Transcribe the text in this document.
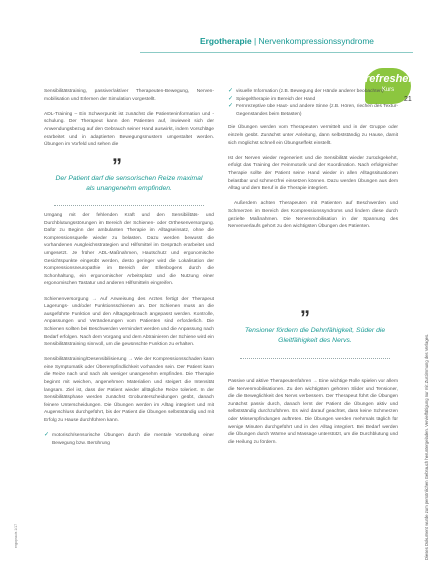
Ergotherapie | Nervenkompressionssyndrome
refresher
Kurs
21

Sensibilitätstraining, passiver/aktiver Therapeuten-Bewegung, Nerven-mobilisation und Erlernen der Simulation vorgestellt.

ADL-Training – Ein Schwerpunkt ist zunächst die Patienteninformation und -schulung. Der Therapeut kann den Patienten auf, inwieweit sich der Anwendungsbezug auf den Gebrauch seiner Hand auswirkt, indem Vorschläge erarbeitet und in adaptierten Bewegungsmustern umgestaltet werden. Übungen im Vorfeld und sehen die

„
Der Patient darf die sensorischen Reize maximal als unangenehm empfinden.

Umgang mit der fehlenden Kraft und den Sensibilitäts- und Durchblutungsstörungen im Bereich der Schienen- oder Orthesenversorgung. Dafür zu Beginn der ambulanten Therapie im Alltagseinsatz, ohne die Kompressionsquelle wieder zu belasten. Dazu werden bewusst die vorhandenen Ausgleichsstrategien und Hilfsmittel im Gespräch erarbeitet und umgesetzt. Je früher ADL-Maßnahmen, Hautschutz und ergonomische Gesichtspunkte eingeübt werden, desto geringer wird die Lokalisation der Kompressionsneuropathie im Bereich der Ellenbogens durch die Schonhaltung, ein ergonomischer Arbeitsplatz und die Nutzung einer ergonomischen Tastatur und anderen Hilfsmitteln eingreifen.

Schienenversorgung → Auf Anweisung des Arztes fertigt der Therapeut Lagerungs- und/oder Funktionsschienen an. Der Schienen muss an die ausgeführte Funktion und den Alltagsgebrauch angepasst werden. Kontrolle, Anpassungen und Veränderungen vom Patienten sind erforderlich. Die Schienen sollten bei Beschwerden vermindert werden und die Anpassung nach Bedarf erfolgen. Nach dem Vorgang und dem Abtrainieren der Schiene wird ein Sensibilitätstraining sinnvoll, um die gewünschte Funktion zu erhalten.

Sensibilitätstraining/Desensibilisierung → Wie der Kompressionsschaden kann eine Symptomatik oder Überempfindlichkeit vorhanden sein. Der Patient kann die Reize nach und nach als weniger unangenehm empfinden. Die Therapie beginnt mit weichen, angenehmen Materialien und steigert die Intensität langsam. Ziel ist, dass der Patient wieder alltägliche Reize toleriert. In der Sensibilitätsphase werden zunächst Grobunterscheidungen geübt, danach feinere Unterscheidungen. Die Übungen werden im Alltag integriert und mit Augenschluss durchgeführt, bis der Patient die Übungen selbstständig und mit Erfolg zu Hause durchführen kann.

✓ motorisch/sensorische Übungen durch die mentale Vorstellung einer Bewegung bzw. Berührung
✓ visuelle Information (z.B. Bewegung der Hände anderer beobachten)
✓ Spiegeltherapie im Bereich der Hand
✓ Fernrezeptive übe Haut- und andere Sinne (z.B. Hören, riechen des Textur-Gegenstandes beim Betasten)

Die Übungen werden vom Therapeuten vermittelt und in der Gruppe oder einzeln geübt. Zunächst unter Anleitung, dann selbstständig zu Hause, damit sich möglichst schnell ein Übungseffekt einstellt.

Ist der Nerven wieder regeneriert und die Sensibilität wieder zurückgekehrt, erfolgt das Training der Feinmotorik und der Koordination. Nach erfolgreicher Therapie sollte der Patient seine Hand wieder in allen Alltagssituationen belastbar und schmerzfrei einsetzen können. Dazu werden Übungen aus dem Alltag und dem Beruf in die Therapie integriert.

Außerdem achten Therapeuten mit Patienten auf Beschwerden und Schmerzen im Bereich des Kompressionssyndroms und lindern diese durch gezielte Maßnahmen. Die Nervenmobilisation in der Spannung des Nervenverlaufs gehört zu den wichtigsten Übungen des Patienten.

„
Tensioner fördern die Dehnfähigkeit, Süder die Gleitfähigkeit des Nervs.

Passive und aktive Therapeutenfahren → Eine wichtige Rolle spielen vor allem die Nervenmobilisationen. Zu den wichtigsten gehören Slider und Tensioner, die die Beweglichkeit des Nervs verbessern. Der Therapeut führt die Übungen zunächst passiv durch, danach lernt der Patient die Übungen aktiv und selbstständig durchzuführen. Es wird darauf geachtet, dass keine Schmerzen oder Missempfindungen auftreten. Die Übungen werden mehrmals täglich für wenige Minuten durchgeführt und in den Alltag integriert. Bei Bedarf werden die Übungen durch Wärme und Massage unterstützt, um die Durchblutung und die Heilung zu fördern.	Dieses Dokument wurde zum persönlichen Gebrauch heruntergeladen. Vervielfältigung nur mit Zustimmung des Verlages.
ergopraxis 1/17
